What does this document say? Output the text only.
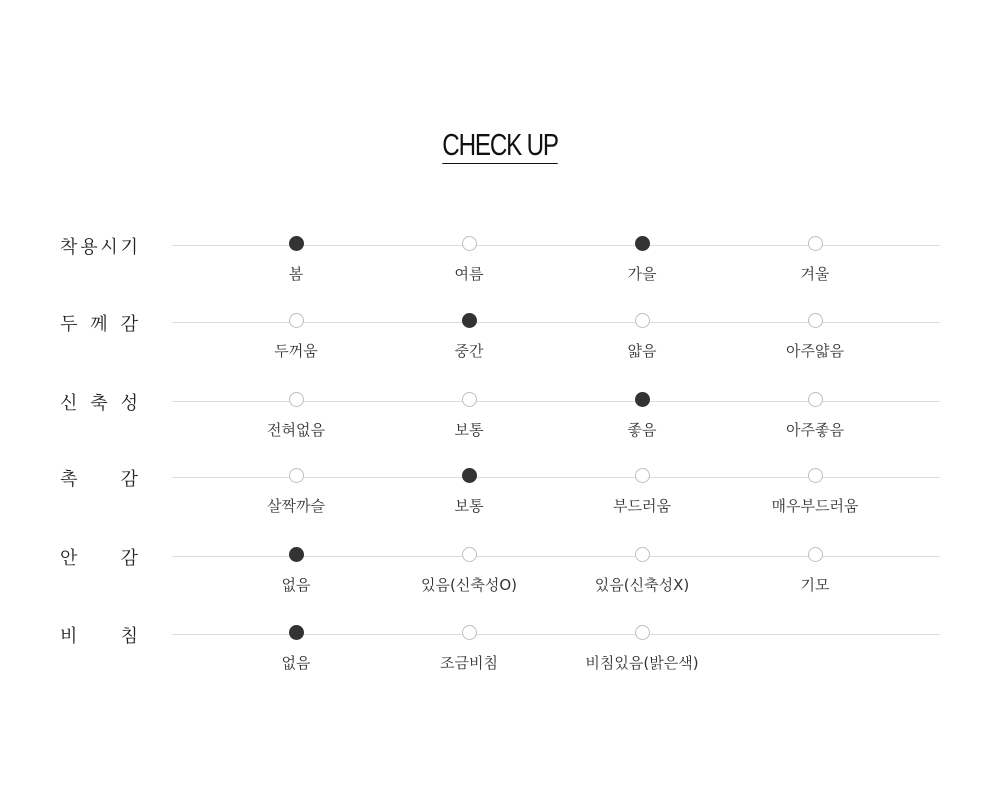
CHECK UP
착 용 시 기
봄	여름	가을	겨울
두 께 감
두꺼움	중간	얇음	아주얇음
신 축 성
전혀없음	보통	좋음	아주좋음
촉 감
살짝까슬	보통	부드러움	매우부드러움
안 감
없음	있음(신축성O)	있음(신축성X)	기모
비 침
없음	조금비침	비침있음(밝은색)
